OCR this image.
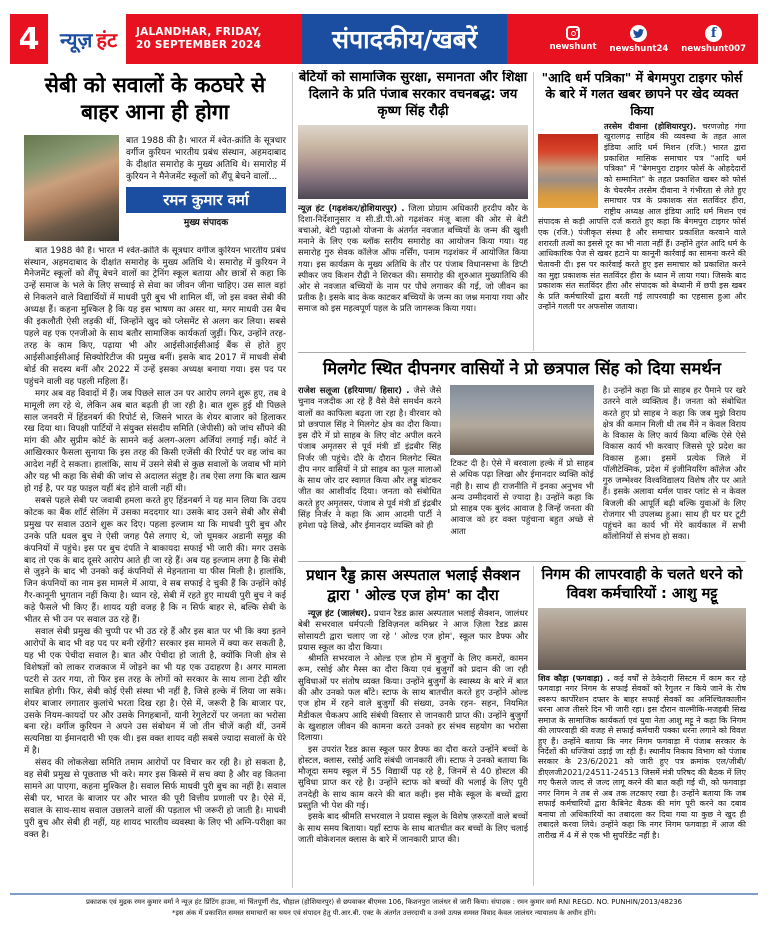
4	न्यूज़ हंट JALANDHAR, FRIDAY,
20 SEPTEMBER 2024	संपादकीय/खबरें	newshunt newshunt24
f
newshunt007
सेबी को सवालों के कठघरे से बाहर आना ही होगा

बात 1988 की है। भारत में श्वेत-क्रांति के सूत्रधार वर्गीज कुरियन भारतीय प्रबंध संस्थान, अहमदाबाद के दीक्षांत समारोह के मुख्य अतिथि थे। समारोह में कुरियन ने मैनेजमेंट स्कूलों को शैंपू बेचने वालों...

रमन कुमार वर्मा
मुख्य संपादक

बात 1988 की है। भारत में श्वेत-क्रांति के सूत्रधार वर्गीज कुरियन भारतीय प्रबंध संस्थान, अहमदाबाद के दीक्षांत समारोह के मुख्य अतिथि थे। समारोह में कुरियन ने मैनेजमेंट स्कूलों को शैंपू बेचने वालों का ट्रेनिंग स्कूल बताया और छात्रों से कहा कि उन्हें समाज के भले के लिए सच्चाई से सेवा का जीवन जीना चाहिए। उस साल वहां से निकलने वाले विद्यार्थियों में माधवी पुरी बुच भी शामिल थीं, जो इस वक्त सेबी की अध्यक्ष हैं। कहना मुश्किल है कि यह इस भाषण का असर था, मगर माधवी उस बैच की इकलौती ऐसी लड़की थीं, जिन्होंने खुद को प्लेसमेंट से अलग कर लिया। सबसे पहले वह एक एनजीओ के साथ बतौर सामाजिक कार्यकर्ता जुड़ीं। फिर, उन्होंने तरह-तरह के काम किए, पढ़ाया भी और आईसीआईसीआई बैंक से होते हुए आईसीआईसीआई सिक्योरिटीज की प्रमुख बनीं। इसके बाद 2017 में माधवी सेबी बोर्ड की सदस्य बनीं और 2022 में उन्हें इसका अध्यक्ष बनाया गया। इस पद पर पहुंचने वाली वह पहली महिला हैं।

मगर अब वह विवादों में हैं। जब पिछले साल उन पर आरोप लगने शुरू हुए, तब वे मामूली लग रहे थे, लेकिन अब बात बढ़ती ही जा रही है। बात शुरू हुई थी पिछले साल जनवरी में हिंडनबर्ग की रिपोर्ट से, जिसने भारत के शेयर बाजार को हिलाकर रख दिया था। विपक्षी पार्टियों ने संयुक्त संसदीय समिति (जेपीसी) को जांच सौंपने की मांग की और सुप्रीम कोर्ट के सामने कई अलग-अलग अर्जियां लगाई गईं। कोर्ट ने आखिरकार फैसला सुनाया कि इस तरह की किसी एजेंसी की रिपोर्ट पर वह जांच का आदेश नहीं दे सकता। हालांकि, साथ में उसने सेबी से कुछ सवालों के जवाब भी मांगे और यह भी कहा कि सेबी की जांच से अदालत संतुष्ट है। तब ऐसा लगा कि बात खत्म हो गई है, पर यह फाइल यहीं बंद होने वाली नहीं थी।

सबसे पहले सेबी पर जवाबी हमला करते हुए हिंडनबर्ग ने यह मान लिया कि उदय कोटक का बैंक शॉर्ट सेलिंग में उसका मददगार था। उसके बाद उसने सेबी और सेबी प्रमुख पर सवाल उठाने शुरू कर दिए। पहला इल्जाम था कि माधवी पुरी बुच और उनके पति धवल बुच ने ऐसी जगह पैसे लगाए थे, जो घूमकर अडानी समूह की कंपनियों में पहुंचे। इस पर बुच दंपति ने बाकायदा सफाई भी जारी की। मगर उसके बाद तो एक के बाद दूसरे आरोप आते ही जा रहे हैं। अब यह इल्जाम लगा है कि सेबी से जुड़ने के बाद भी उनको कई कंपनियों से मेहनताना या फीस मिली है। हालांकि, जिन कंपनियों का नाम इस मामले में आया, वे सब सफाई दे चुकी हैं कि उन्होंने कोई गैर-कानूनी भुगतान नहीं किया है। ध्यान रहे, सेबी में रहते हुए माधवी पुरी बुच ने कई कड़े फैसले भी किए हैं। शायद यही वजह है कि न सिर्फ बाहर से, बल्कि सेबी के भीतर से भी उन पर सवाल उठ रहे हैं।

सवाल सेबी प्रमुख की चुप्पी पर भी उठ रहे हैं और इस बात पर भी कि क्या इतने आरोपों के बाद भी वह पद पर बनी रहेंगी? सरकार इस मामले में क्या कर सकती है, यह भी एक पेचीदा सवाल है। बात और पेचीदा हो जाती है, क्योंकि निजी क्षेत्र से विशेषज्ञों को लाकर राजकाज में जोड़ने का भी यह एक उदाहरण है। अगर मामला पटरी से उतर गया, तो फिर इस तरह के लोगों को सरकार के साथ लाना टेढ़ी खीर साबित होगी। फिर, सेबी कोई ऐसी संस्था भी नहीं है, जिसे हल्के में लिया जा सके। शेयर बाजार लगातार कुलांचे भरता दिख रहा है। ऐसे में, जरूरी है कि बाजार पर, उसके नियम-कायदों पर और उसके निगहबानों, यानी रेगुलेटरों पर जनता का भरोसा बना रहे। वर्गीज कुरियन ने अपने उस संबोधन में जो तीन चीजें कही थीं, उनमें सत्यनिष्ठा या ईमानदारी भी एक थी। इस वक्त शायद वही सबसे ज्यादा सवालों के घेरे में है।

संसद की लोकलेखा समिति तमाम आरोपों पर विचार कर रही है। हो सकता है, वह सेबी प्रमुख से पूछताछ भी करे। मगर इस किस्से में सच क्या है और वह कितना सामने आ पाएगा, कहना मुश्किल है। सवाल सिर्फ माधवी पुरी बुच का नहीं है। सवाल सेबी पर, भारत के बाजार पर और भारत की पूरी वित्तीय प्रणाली पर है। ऐसे में, सवाल के साथ-साथ सवाल उछालने वालों की पड़ताल भी जरूरी हो जाती है। माधवी पुरी बुच और सेबी ही नहीं, यह शायद भारतीय व्यवस्था के लिए भी अग्नि-परीक्षा का वक्त है।

बेटियों को सामाजिक सुरक्षा, समानता और शिक्षा दिलाने के प्रति पंजाब सरकार वचनबद्ध: जय कृष्ण सिंह रौढ़ी

न्यूज़ हंट (गढ़शंकर/होशियारपुर) . जिला प्रोग्राम अधिकारी हरदीप कौर के दिशा-निर्देशानुसार व सी.डी.पी.ओ गढ़शंकर मंजू बाला की ओर से बेटी बचाओ, बेटी पढ़ाओ योजना के अंतर्गत नवजात बच्चियों के जन्म की खुशी मनाने के लिए एक ब्लॉक स्तरीय समारोह का आयोजन किया गया। यह समारोह गुरु सेवक कॉलेज ऑफ नर्सिंग, पनाम गढ़शंकर में आयोजित किया गया। इस कार्यक्रम के मुख्य अतिथि के तौर पर पंजाब विधानसभा के डिप्टी स्पीकर जय किशन रौढ़ी ने शिरकत की। समारोह की शुरुआत मुख्यातिथि की ओर से नवजात बच्चियों के नाम पर पौधे लगाकर की गई, जो जीवन का प्रतीक है। इसके बाद केक काटकर बच्चियों के जन्म का जश्न मनाया गया और समाज को इस महत्वपूर्ण पहल के प्रति जागरूक किया गया।

"आदि धर्म पत्रिका" में बेगमपुरा टाइगर फोर्स के बारे में गलत खबर छापने पर खेद व्यक्त किया

तरसेम दीवाना (होशियारपुर). चरणजोह गंगा खुरालगढ़ साहिब की व्यवस्था के तहत आल इंडिया आदि धर्म मिशन (रजि.) भारत द्वारा प्रकाशित मासिक समाचार पत्र "आदि धर्म पत्रिका" में "बेगमपुरा टाइगर फोर्स के ओहदेदारों को सम्मानित" के तहत प्रकाशित खबर को फोर्स के चेयरमैन तरसेम दीवाना ने गंभीरता से लेते हुए समाचार पत्र के प्रकाशक संत सतविंदर हीरा, राष्ट्रीय अध्यक्ष आल इंडिया आदि धर्म मिशन एवं संपादक से कड़ी आपत्ति दर्ज कराते हुए कहा कि बेगमपुरा टाइगर फोर्स एक (रजि.) पंजीकृत संस्था है और समाचार प्रकाशित करवाने वाले शरारती तत्वों का इससे दूर का भी नाता नहीं हैं। उन्होंने तुरंत आदि धर्म के आधिकारिक पेज से खबर हटाने या कानूनी कार्रवाई का सामना करने की चेतावनी दी। इस पर कार्रवाई करते हुए इस समाचार को प्रकाशित करने का मुद्दा प्रकाशक संत सतविंदर हीरा के ध्यान में लाया गया। जिसके बाद प्रकाशक संत सतविंदर हीरा और संपादक को बेध्यानी में छपी इस खबर के प्रति कर्मचारियों द्वारा बरती गई लापरवाही का एहसास हुआ और उन्होंने गलती पर अफसोस जताया।

मिलगेट स्थित दीपनगर वासियों ने प्रो छत्रपाल सिंह को दिया समर्थन

राजेश सलूजा (हरियाणा/ हिसार) . जैसे जैसे चुनाव नजदीक आ रहे हैं वैसे वैसे समर्थन करने वालों का काफिला बढ़ता जा रहा है। वीरवार को प्रो छत्रपाल सिंह ने मिलगेट क्षेत्र का दौरा किया। इस दौरे में प्रो साहब के लिए वोट अपील करने पंजाब अमृतसर से पूर्व मंत्री डॉ इंद्रबीर सिंह निर्जर जी पहुंचे। दौरे के दौरान मिलगेट स्थित दीप नगर वासियों ने प्रो साहब का फूल मालाओं के साथ जोर दार स्वागत किया और लड्डू बांटकर जीत का आशीर्वाद दिया। जनता को संबोधित करते हुए अमृतसर, पंजाब से पूर्व मंत्री डॉ इंद्रबीर सिंह निर्जर ने कहा कि आम आदमी पार्टी ने हमेशा पढ़े लिखे, और ईमानदार व्यक्ति को ही

टिकट दी है। ऐसे में बरवाला हल्के में प्रो साहब से अधिक पढ़ा लिखा और ईमानदार व्यक्ति कोई नही है। साथ ही राजनीति में इनका अनुभव भी अन्य उम्मीदवारों से ज्यादा है। उन्होंने कहा कि प्रो साहब एक बुलंद आवाज है जिन्हें जनता की आवाज को हर वक्त पहुंचाना बहुत अच्छे से आता

है। उन्होंने कहा कि प्रो साहब हर पैमाने पर खरे उतरने वाले व्यक्तित्व हैं। जनता को संबोधित करते हुए प्रो साहब ने कहा कि जब मुझे विराय क्षेत्र की कमान मिली थी तब मैंने न केवल विराय के विकास के लिए कार्य किया बल्कि ऐसे ऐसे विकास कार्य भी करवाए जिससे पूरे प्रदेश का विकास हुआ। इसमें प्रत्येक जिले में पॉलीटेक्निक, प्रदेश में इंजीनियरिंग कॉलेज और गुरु जम्भेश्वर विश्वविद्यालय विशेष तौर पर आते हैं। इसके अलावा थर्मल पावर प्लांट से न केवल बिजली की आपूर्ति बढ़ी बल्कि युवाओं के लिए रोजगार भी उपलब्ध हुआ। साथ ही घर घर टूटी पहुंचने का कार्य भी मेरे कार्यकाल में सभी कॉलोनियों से संभव हो सका।

प्रधान रैड्ड क्रास अस्पताल भलाई सैक्शन द्वारा ' ओल्ड एज होम' का दौरा

न्यूज़ हंट (जालंधर). प्रधान रैडड क्रास अस्पताल भलाई सैक्शन, जालंधर बेबी सभरवाल धर्मपत्नी डिविज़नल कमिश्नर ने आज ज़िला रैडड क्रास सोसायटी द्वारा चलाए जा रहे ' ओल्ड एज होम', स्कूल फार डैफ्फ और प्रयास स्कूल का दौरा किया।

श्रीमति सभरवाल ने ओल्ड एज होम में बुजुर्गों के लिए कमरों, कामन रूम, रसोई और मैस्स का दौरा किया एवं बुजुर्गों को प्रदान की जा रही सुविधाओं पर संतोष व्यक्त किया। उन्होंने बुजुर्गों के स्वास्थ्य के बारे में बात की और उनको फल बाँटे। स्टाफ के साथ बातचीत करते हुए उन्होंने ओल्ड एज होम में रहने वाले बुजुर्गों की संख्या, उनके रहन- सहन, नियमित मैडीकल चैकअप आदि संबंधी विस्तार से जानकारी प्राप्त की। उन्होंने बुजुर्गों के खुशहाल जीवन की कामना करते उनको हर संभव सहयोग का भरोसा दिलाया।

इस उपरांत रैडड क्रास स्कूल फार डैफ्फ का दौरा करते उन्होंने बच्चों के होस्टल, क्लास, रसोई आदि संबंधी जानकारी ली। स्टाफ ने उनको बताया कि मौजूदा समय स्कूल में 55 विद्यार्थी पढ़ रहे है, जिनमें से 40 होस्टल की सुविधा प्राप्त कर रहे है। उन्होंने स्टाफ को बच्चों की भलाई के लिए पूरी तनदेही के साथ काम करने की बात कही। इस मौके स्कूल के बच्चों द्वारा प्रस्तुति भी पेश की गई।

इसके बाद श्रीमति सभरवाल ने प्रयास स्कूल के विशेष ज़रूरतों वाले बच्चों के साथ समय बिताया। यहाँ स्टाफ के साथ बातचीत कर बच्चों के लिए चलाई जाती वोकेशनल क्लास के बारे में जानकारी प्राप्त की।

निगम की लापरवाही के चलते धरने को विवश कर्मचारियों : आशु मट्टू

शिव कौड़ा (फगवाड़ा) . कई वर्षों से ठेकेदारी सिस्टम में काम कर रहे फगवाड़ा नगर निगम के सफाई सेवकों को रैगुलर न किये जाने के रोष स्वरूप कार्पोरेशन दफ्तर के बाहर सफाई सेवकों का अनिश्चितकालीन धरना आज तीसरे दिन भी जारी रहा। इस दौरान वाल्मीकि-मजहबी सिख समाज के सामाजिक कार्यकर्ता एवं युवा नेता आशु मट्टू ने कहा कि निगम की लापरवाही की वजह से सफाई कर्मचारी पक्का धरना लगाने को विवश हुए हैं। उन्होंने बताया कि नगर निगम फगवाड़ा में पंजाब सरकार के निर्देशों की धज्जियां उड़ाई जा रही हैं। स्थानीय निकाय विभाग को पंजाब सरकार के 23/6/2021 को जारी हुए पत्र क्रमांक एल/जीबी/डीएलजी2021/24511-24513 जिसमें मंत्री परिषद की बैठक में लिए गए फैसले जल्द से जल्द लागू करने की बात कही गई थी, को फगवाड़ा नगर निगम ने तब से अब तक लटकाए रखा है। उन्होंने बताया कि जब सफाई कर्मचारियों द्वारा कैबिनेट बैठक की मांग पूरी करने का दबाव बनाया तो अधिकारियों का तबादला कर दिया गया या कुछ ने खुद ही तबादले करवा लिये। उन्होंने कहा कि नगर निगम फगवाड़ा में आज की तारीख में 4 में से एक भी सुपरिंडेंट नहीं है।

प्रकाशक एवं मुद्रक रमन कुमार वर्मा ने न्यूज़ हंट प्रिंटिंग हाउस, मां चिंतपूर्णी रोड, चौहाल (होशियारपुर) से छपवाकर बीएमस 106, किशनपुरा जालंधर से जारी किया। संपादक : रमन कुमार वर्मा RNI REGD. NO. PUNHIN/2013/48236
*इस अंक में प्रकाशित समस्त समाचारों का चयन एवं संपादन हेतु पी.आर.बी. एक्ट के अंतर्गत उत्तरदायी व उनसे उत्पन्न समस्त विवाद केवल जालंधर न्यायालय के अधीन होंगे।
